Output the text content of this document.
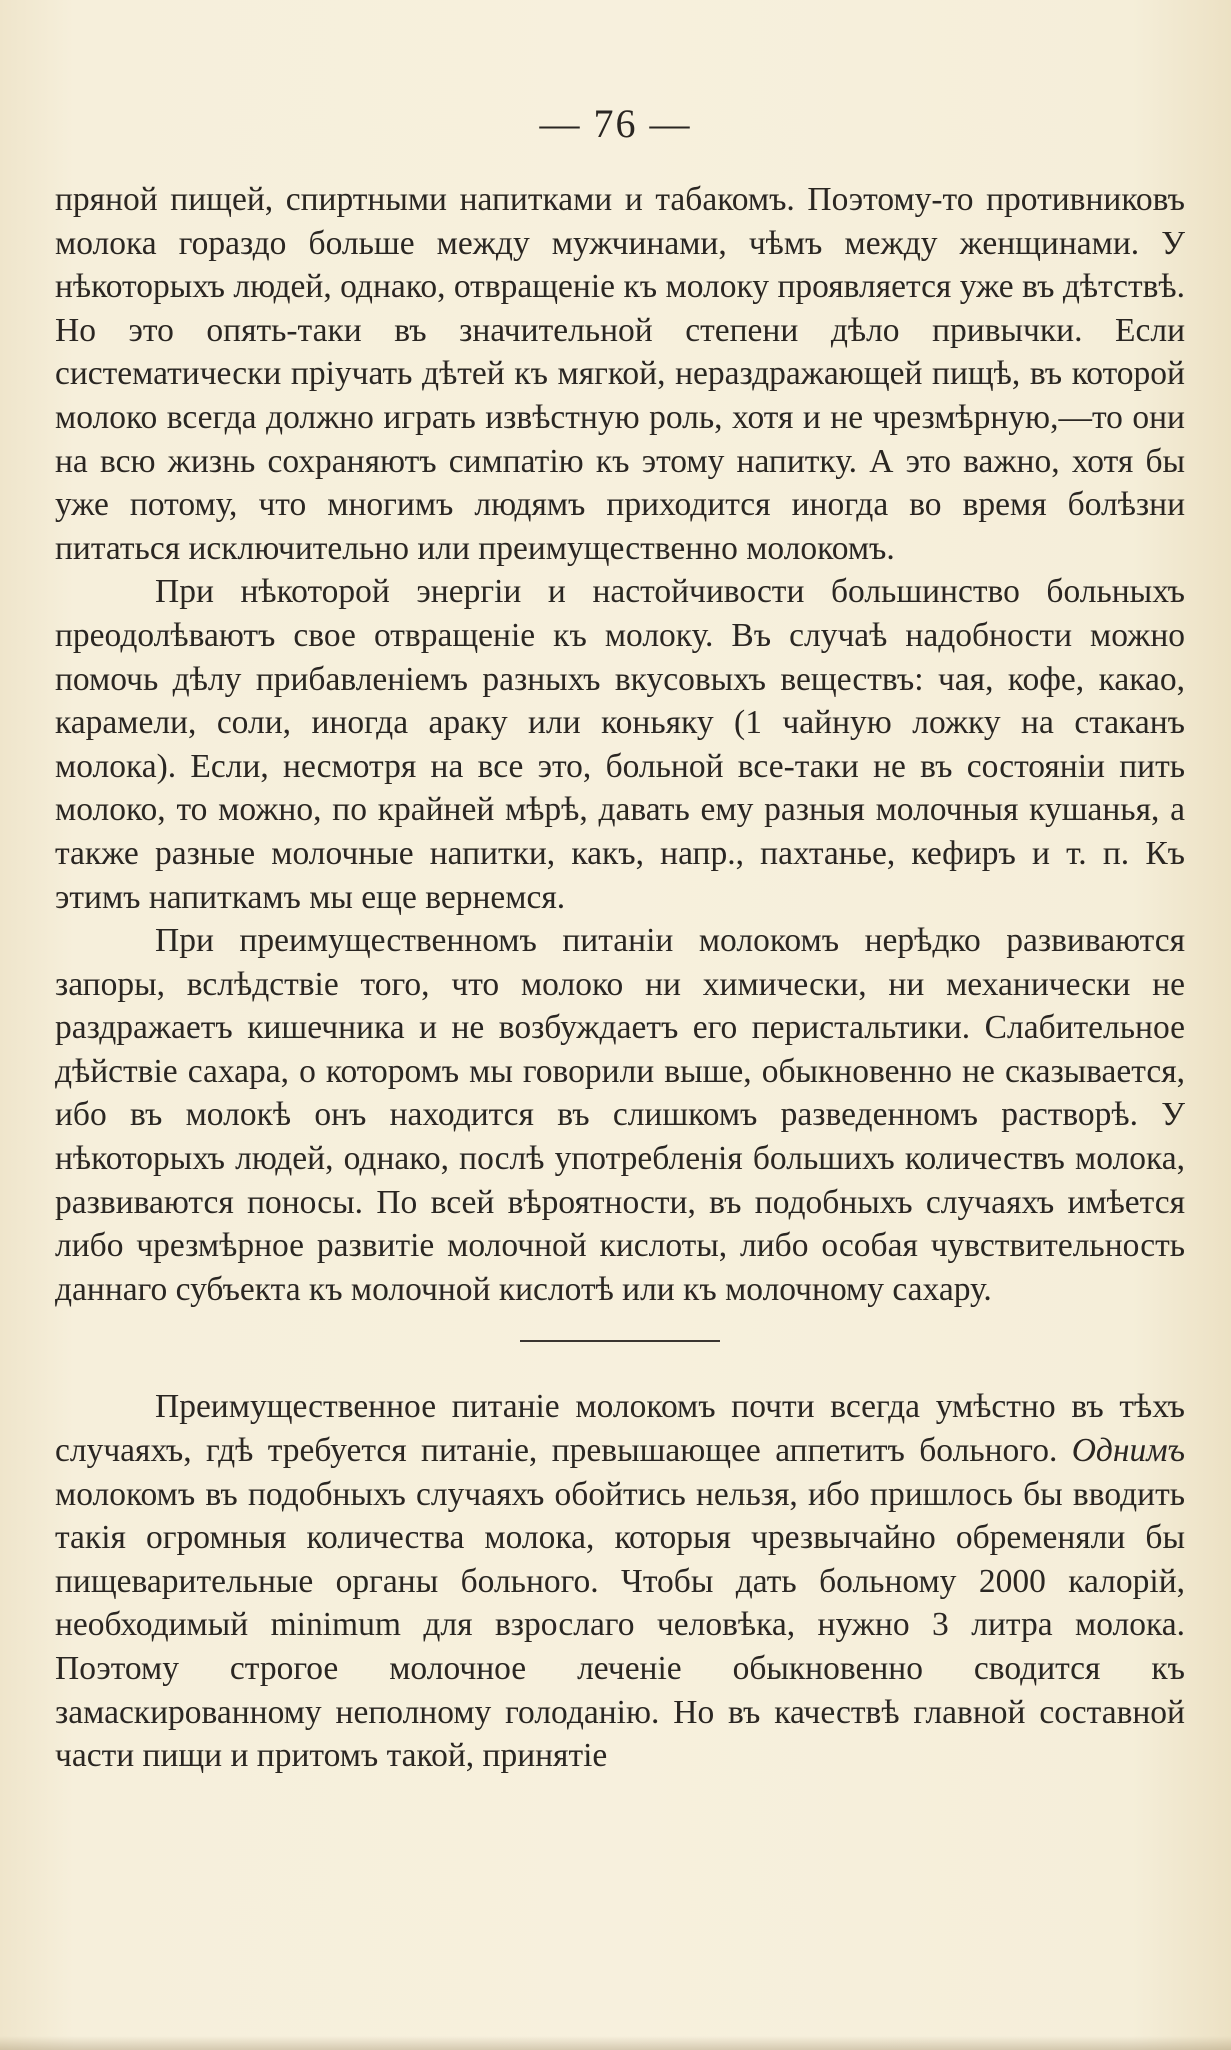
— 76 —

пряной пищей, спиртными напитками и табакомъ. Поэтому-то противниковъ молока гораздо больше между мужчинами, чѣмъ между женщинами. У нѣкоторыхъ людей, однако, отвращенiе къ молоку проявляется уже въ дѣтствѣ. Но это опять-таки въ значительной степени дѣло привычки. Если систематически прiучать дѣтей къ мягкой, нераздражающей пищѣ, въ которой молоко всегда должно играть извѣстную роль, хотя и не чрезмѣрную,—то они на всю жизнь сохраняютъ симпатiю къ этому напитку. А это важно, хотя бы уже потому, что многимъ людямъ приходится иногда во время болѣзни питаться исключительно или преимущественно молокомъ.

При нѣкоторой энергiи и настойчивости большинство больныхъ преодолѣваютъ свое отвращенiе къ молоку. Въ случаѣ надобности можно помочь дѣлу прибавленiемъ разныхъ вкусовыхъ веществъ: чая, кофе, какао, карамели, соли, иногда араку или коньяку (1 чайную ложку на стаканъ молока). Если, несмотря на все это, больной все-таки не въ состоянiи пить молоко, то можно, по крайней мѣрѣ, давать ему разныя молочныя кушанья, а также разные молочные напитки, какъ, напр., пахтанье, кефиръ и т. п. Къ этимъ напиткамъ мы еще вернемся.

При преимущественномъ питанiи молокомъ нерѣдко развиваются запоры, вслѣдствiе того, что молоко ни химически, ни механически не раздражаетъ кишечника и не возбуждаетъ его перистальтики. Слабительное дѣйствiе сахара, о которомъ мы говорили выше, обыкновенно не сказывается, ибо въ молокѣ онъ находится въ слишкомъ разведенномъ растворѣ. У нѣкоторыхъ людей, однако, послѣ употребленiя большихъ количествъ молока, развиваются поносы. По всей вѣроятности, въ подобныхъ случаяхъ имѣется либо чрезмѣрное развитiе молочной кислоты, либо особая чувствительность даннаго субъекта къ молочной кислотѣ или къ молочному сахару.

Преимущественное питанiе молокомъ почти всегда умѣстно въ тѣхъ случаяхъ, гдѣ требуется питанiе, превышающее аппетитъ больного. Однимъ молокомъ въ подобныхъ случаяхъ обойтись нельзя, ибо пришлось бы вводить такiя огромныя количества молока, которыя чрезвычайно обременяли бы пищеварительные органы больного. Чтобы дать больному 2000 калорiй, необходимый minimum для взрослаго человѣка, нужно 3 литра молока. Поэтому строгое молочное леченiе обыкновенно сводится къ замаскированному неполному голоданiю. Но въ качествѣ главной составной части пищи и притомъ такой, принятiе
